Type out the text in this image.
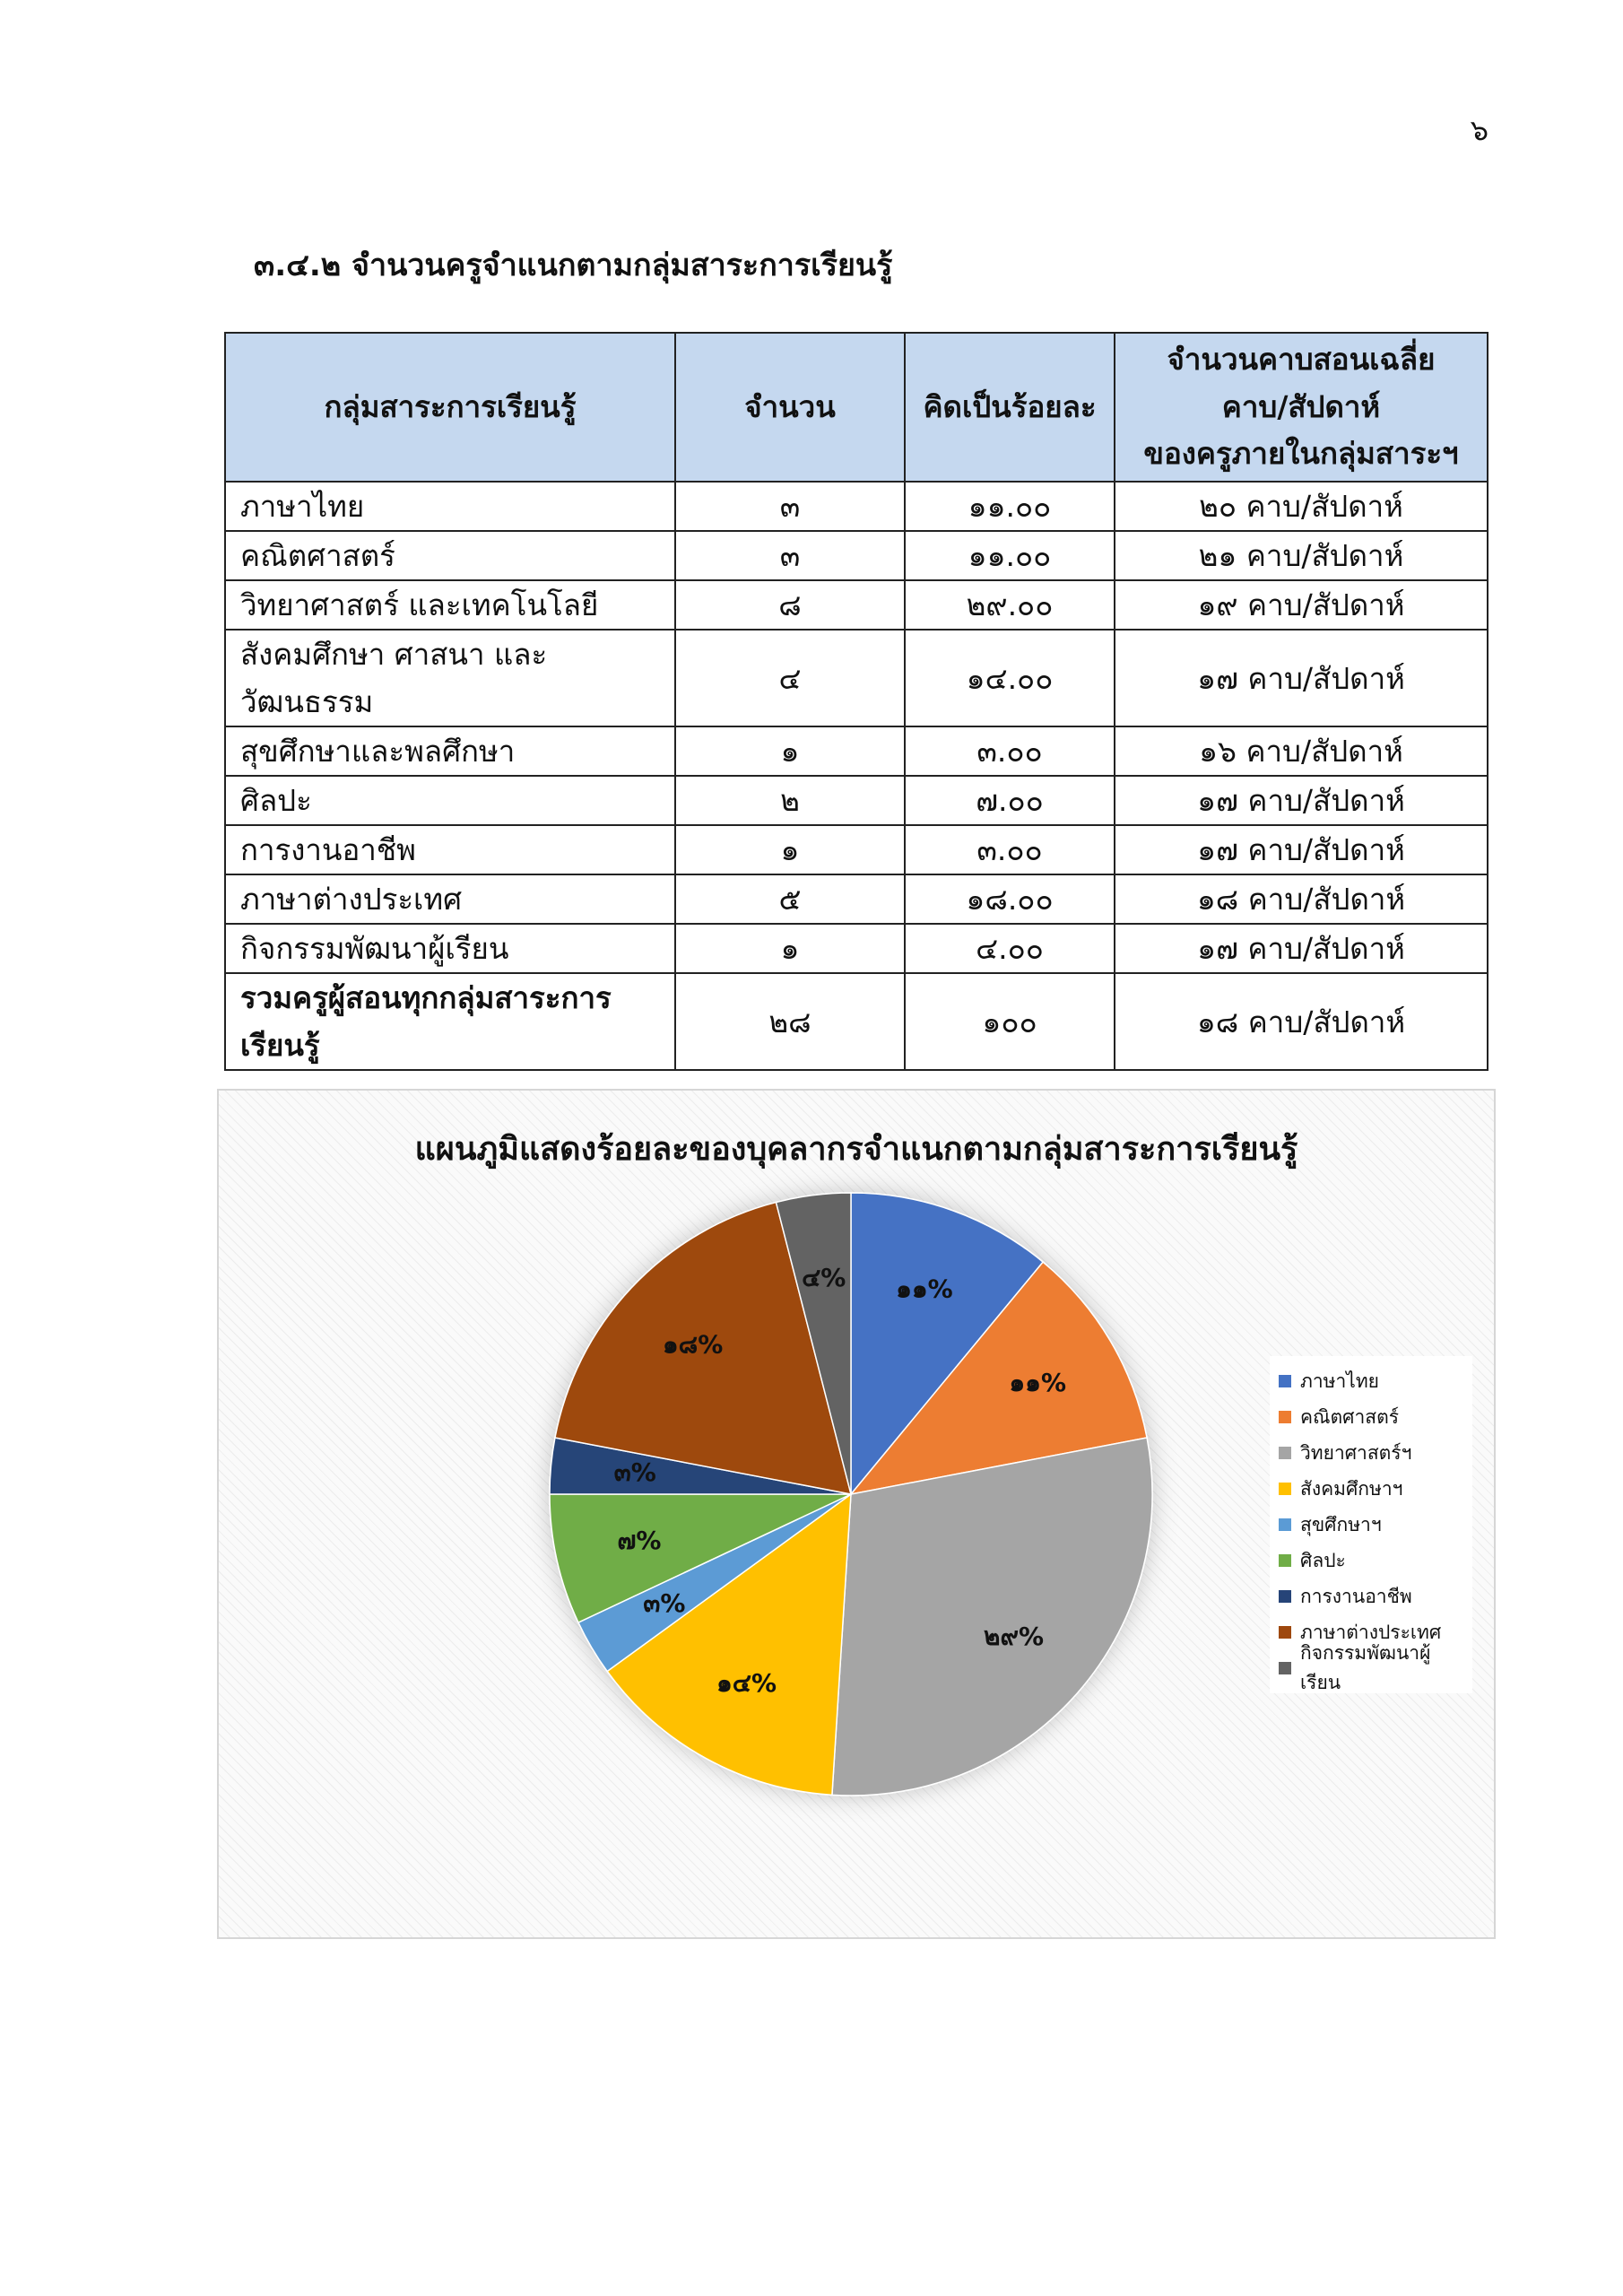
๖
๓.๔.๒ จำนวนครูจำแนกตามกลุ่มสาระการเรียนรู้
กลุ่มสาระการเรียนรู้	จำนวน	คิดเป็นร้อยละ	จำนวนคาบสอนเฉลี่ย
คาบ/สัปดาห์
ของครูภายในกลุ่มสาระฯ

ภาษาไทย	๓	๑๑.๐๐	๒๐ คาบ/สัปดาห์
คณิตศาสตร์	๓	๑๑.๐๐	๒๑ คาบ/สัปดาห์
วิทยาศาสตร์ และเทคโนโลยี	๘	๒๙.๐๐	๑๙ คาบ/สัปดาห์
สังคมศึกษา ศาสนา และวัฒนธรรม	๔	๑๔.๐๐	๑๗ คาบ/สัปดาห์
สุขศึกษาและพลศึกษา	๑	๓.๐๐	๑๖ คาบ/สัปดาห์
ศิลปะ	๒	๗.๐๐	๑๗ คาบ/สัปดาห์
การงานอาชีพ	๑	๓.๐๐	๑๗ คาบ/สัปดาห์
ภาษาต่างประเทศ	๕	๑๘.๐๐	๑๘ คาบ/สัปดาห์
กิจกรรมพัฒนาผู้เรียน	๑	๔.๐๐	๑๗ คาบ/สัปดาห์
รวมครูผู้สอนทุกกลุ่มสาระการเรียนรู้	๒๘	๑๐๐	๑๘ คาบ/สัปดาห์
แผนภูมิแสดงร้อยละของบุคลากรจำแนกตามกลุ่มสาระการเรียนรู้
๑๑%
๑๑%
๒๙%
๑๔%
๓%
๗%
๓%
๑๘%
๔%
ภาษาไทย
คณิตศาสตร์
วิทยาศาสตร์ฯ
สังคมศึกษาฯ
สุขศึกษาฯ
ศิลปะ
การงานอาชีพ
ภาษาต่างประเทศ
กิจกรรมพัฒนาผู้เรียน
